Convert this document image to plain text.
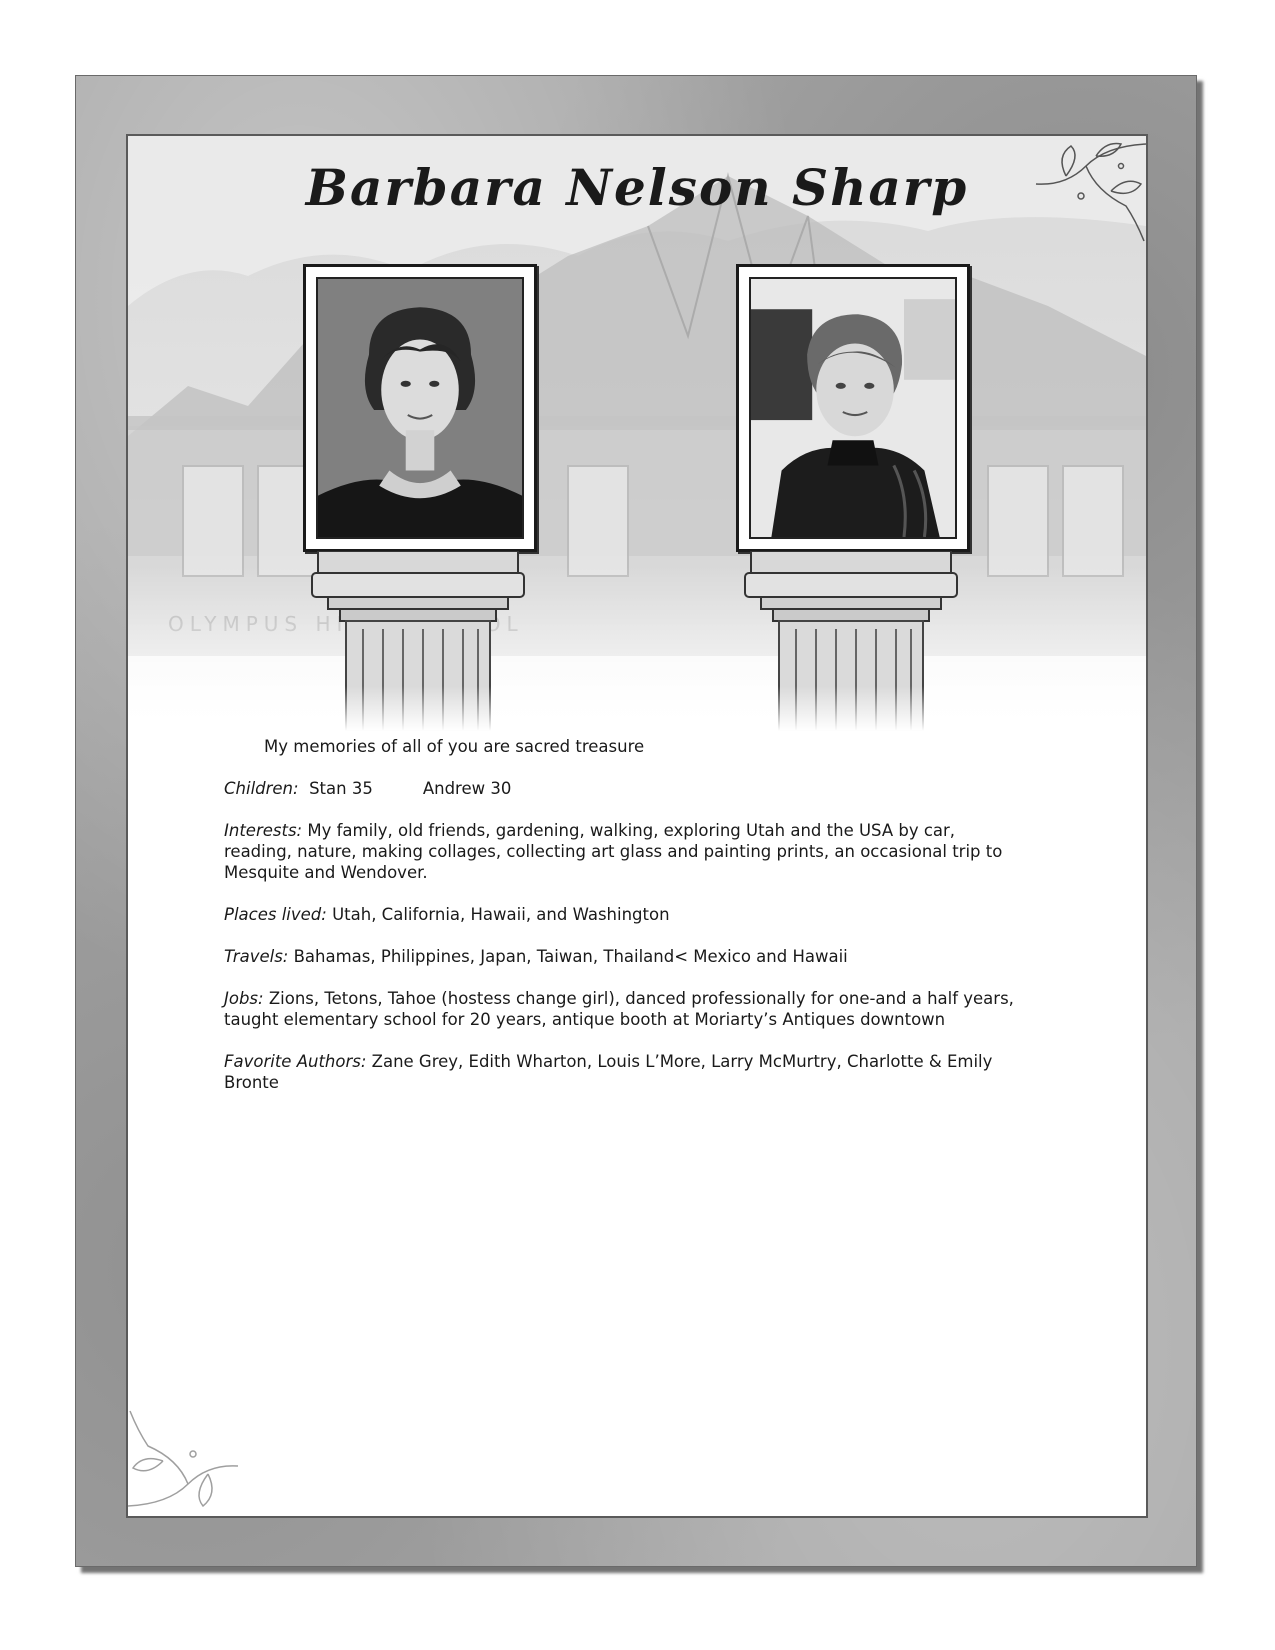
Barbara Nelson Sharp

My memories of all of you are sacred treasure

Children: Stan 35	Andrew 30

Interests: My family, old friends, gardening, walking, exploring Utah and the USA by car, reading, nature, making collages, collecting art glass and painting prints, an occasional trip to Mesquite and Wendover.

Places lived: Utah, California, Hawaii, and Washington

Travels: Bahamas, Philippines, Japan, Taiwan, Thailand< Mexico and Hawaii

Jobs: Zions, Tetons, Tahoe (hostess change girl), danced professionally for one-and a half years, taught elementary school for 20 years, antique booth at Moriarty’s Antiques downtown

Favorite Authors: Zane Grey, Edith Wharton, Louis L’More, Larry McMurtry, Charlotte & Emily Bronte
